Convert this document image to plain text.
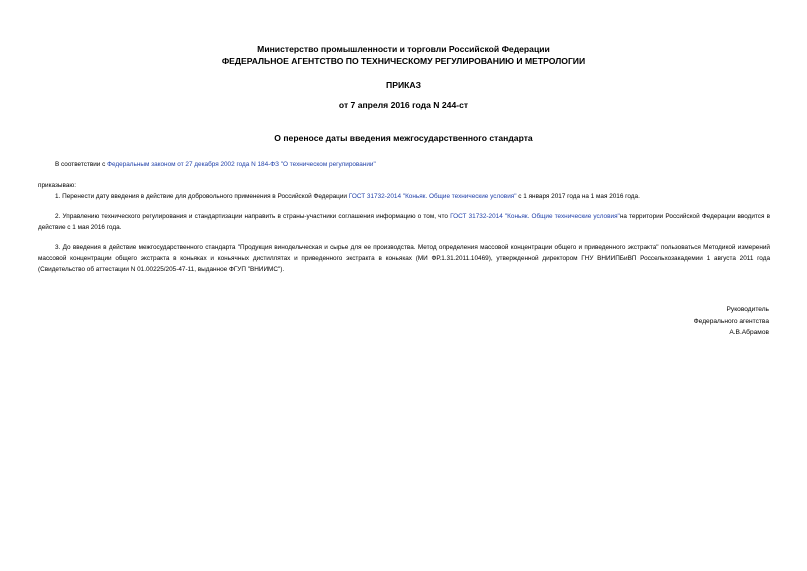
Министерство промышленности и торговли Российской Федерации
ФЕДЕРАЛЬНОЕ АГЕНТСТВО ПО ТЕХНИЧЕСКОМУ РЕГУЛИРОВАНИЮ И МЕТРОЛОГИИ
ПРИКАЗ
от 7 апреля 2016 года N 244-ст
О переносе даты введения межгосударственного стандарта
В соответствии с Федеральным законом от 27 декабря 2002 года N 184-ФЗ "О техническом регулировании"
приказываю:
1. Перенести дату введения в действие для добровольного применения в Российской Федерации ГОСТ 31732-2014 "Коньяк. Общие технические условия" с 1 января 2017 года на 1 мая 2016 года.
2. Управлению технического регулирования и стандартизации направить в страны-участники соглашения информацию о том, что ГОСТ 31732-2014 "Коньяк. Общие технические условия"на территории Российской Федерации вводится в действие с 1 мая 2016 года.
3. До введения в действие межгосударственного стандарта "Продукция винодельческая и сырье для ее производства. Метод определения массовой концентрации общего и приведенного экстракта" пользоваться Методикой измерений массовой концентрации общего экстракта в коньяках и коньячных дистиллятах и приведенного экстракта в коньяках (МИ ФР.1.31.2011.10469), утвержденной директором ГНУ ВНИИПБиВП Россельхозакадемии 1 августа 2011 года (Свидетельство об аттестации N 01.00225/205-47-11, выданное ФГУП "ВНИИМС").
Руководитель
Федерального агентства
А.В.Абрамов
